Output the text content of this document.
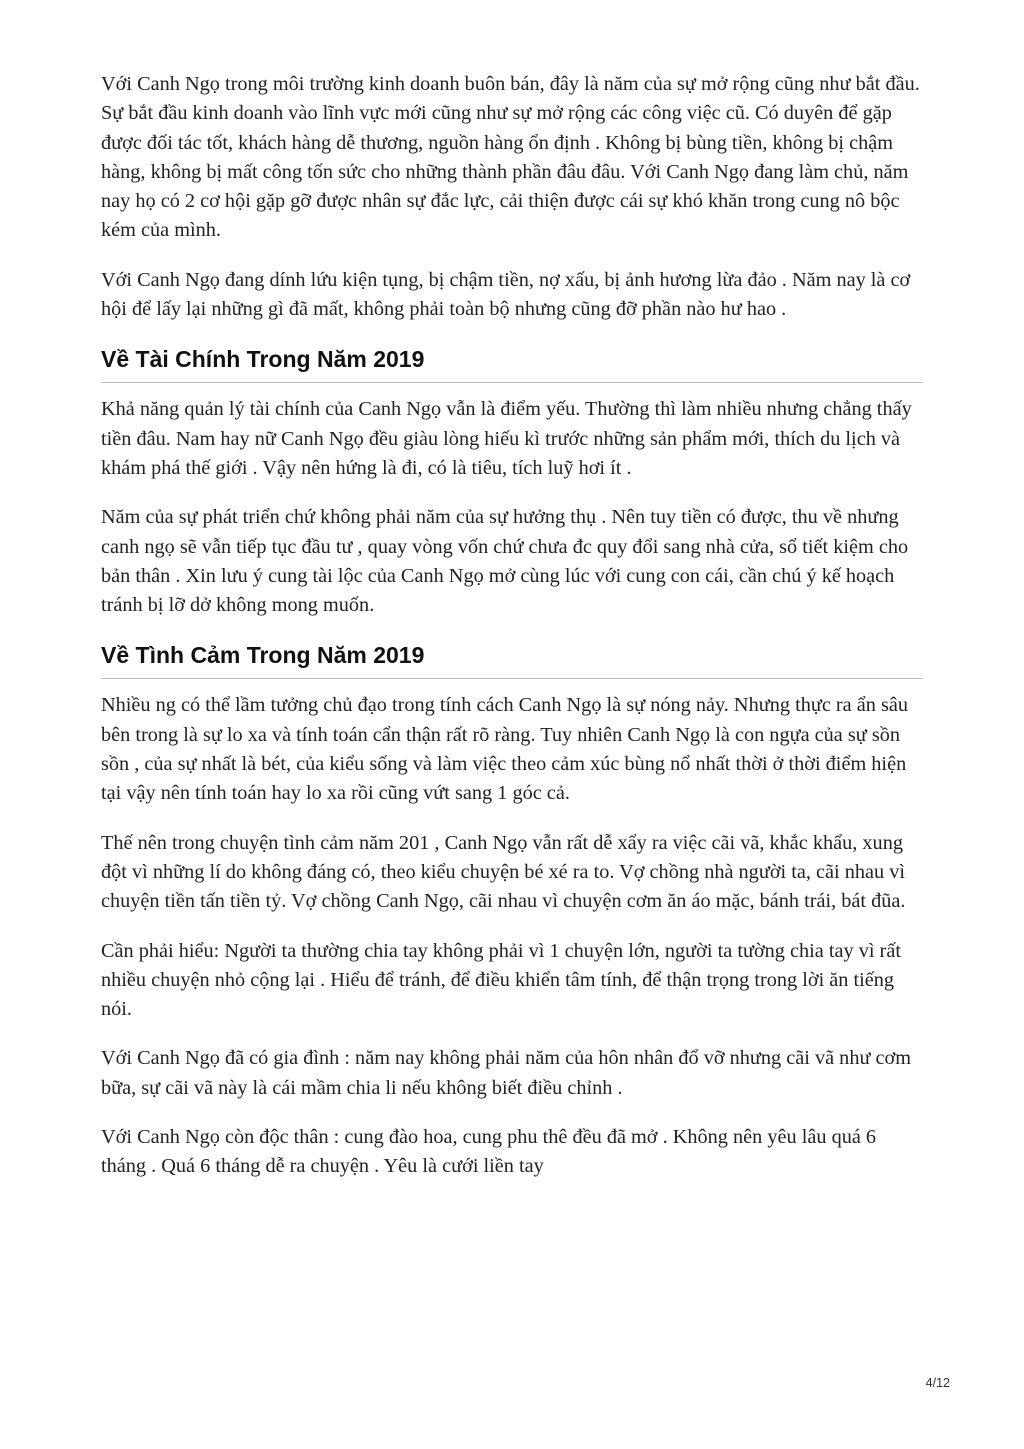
Với Canh Ngọ trong môi trường kinh doanh buôn bán, đây là năm của sự mở rộng cũng như bắt đầu. Sự bắt đầu kinh doanh vào lĩnh vực mới cũng như sự mở rộng các công việc cũ. Có duyên để gặp được đối tác tốt, khách hàng dễ thương, nguồn hàng ổn định . Không bị bùng tiền, không bị chậm hàng, không bị mất công tốn sức cho những thành phần đâu đâu. Với Canh Ngọ đang làm chủ, năm nay họ có 2 cơ hội gặp gỡ được nhân sự đắc lực, cải thiện được cái sự khó khăn trong cung nô bộc kém của mình.

Với Canh Ngọ đang dính lứu kiện tụng, bị chậm tiền, nợ xấu, bị ảnh hương lừa đảo . Năm nay là cơ hội để lấy lại những gì đã mất, không phải toàn bộ nhưng cũng đỡ phần nào hư hao .

Về Tài Chính Trong Năm 2019

Khả năng quản lý tài chính của Canh Ngọ vẫn là điểm yếu. Thường thì làm nhiều nhưng chẳng thấy tiền đâu. Nam hay nữ Canh Ngọ đều giàu lòng hiếu kì trước những sản phẩm mới, thích du lịch và khám phá thế giới . Vậy nên hứng là đi, có là tiêu, tích luỹ hơi ít .

Năm của sự phát triển chứ không phải năm của sự hưởng thụ . Nên tuy tiền có được, thu về nhưng canh ngọ sẽ vẫn tiếp tục đầu tư , quay vòng vốn chứ chưa đc quy đổi sang nhà cửa, sổ tiết kiệm cho bản thân . Xin lưu ý cung tài lộc của Canh Ngọ mở cùng lúc với cung con cái, cần chú ý kế hoạch tránh bị lỡ dở không mong muốn.

Về Tình Cảm Trong Năm 2019

Nhiều ng có thể lầm tưởng chủ đạo trong tính cách Canh Ngọ là sự nóng nảy. Nhưng thực ra ẩn sâu bên trong là sự lo xa và tính toán cẩn thận rất rõ ràng. Tuy nhiên Canh Ngọ là con ngựa của sự sồn sồn , của sự nhất là bét, của kiểu sống và làm việc theo cảm xúc bùng nổ nhất thời ở thời điểm hiện tại vậy nên tính toán hay lo xa rồi cũng vứt sang 1 góc cả.

Thế nên trong chuyện tình cảm năm 201 , Canh Ngọ vẫn rất dễ xẩy ra việc cãi vã, khắc khẩu, xung đột vì những lí do không đáng có, theo kiểu chuyện bé xé ra to. Vợ chồng nhà người ta, cãi nhau vì chuyện tiền tấn tiền tỷ. Vợ chồng Canh Ngọ, cãi nhau vì chuyện cơm ăn áo mặc, bánh trái, bát đũa.

Cần phải hiểu: Người ta thường chia tay không phải vì 1 chuyện lớn, người ta tường chia tay vì rất nhiều chuyện nhỏ cộng lại . Hiểu để tránh, để điều khiển tâm tính, để thận trọng trong lời ăn tiếng nói.

Với Canh Ngọ đã có gia đình : năm nay không phải năm của hôn nhân đổ vỡ nhưng cãi vã như cơm bữa, sự cãi vã này là cái mầm chia li nếu không biết điều chỉnh .

Với Canh Ngọ còn độc thân : cung đào hoa, cung phu thê đều đã mở . Không nên yêu lâu quá 6 tháng . Quá 6 tháng dễ ra chuyện . Yêu là cưới liền tay

4/12
